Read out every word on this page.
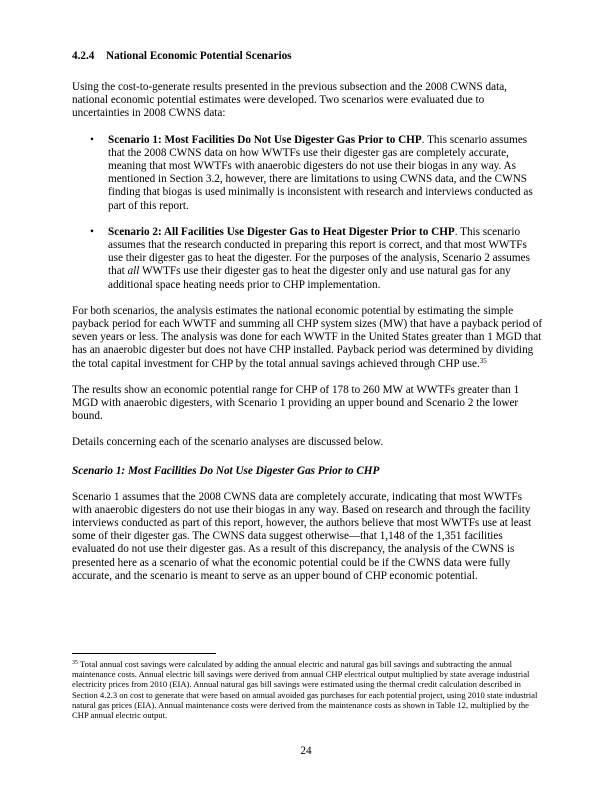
4.2.4 National Economic Potential Scenarios

Using the cost-to-generate results presented in the previous subsection and the 2008 CWNS data, national economic potential estimates were developed. Two scenarios were evaluated due to uncertainties in 2008 CWNS data:

• Scenario 1: Most Facilities Do Not Use Digester Gas Prior to CHP. This scenario assumes that the 2008 CWNS data on how WWTFs use their digester gas are completely accurate, meaning that most WWTFs with anaerobic digesters do not use their biogas in any way. As mentioned in Section 3.2, however, there are limitations to using CWNS data, and the CWNS finding that biogas is used minimally is inconsistent with research and interviews conducted as part of this report.
• Scenario 2: All Facilities Use Digester Gas to Heat Digester Prior to CHP. This scenario assumes that the research conducted in preparing this report is correct, and that most WWTFs use their digester gas to heat the digester. For the purposes of the analysis, Scenario 2 assumes that all WWTFs use their digester gas to heat the digester only and use natural gas for any additional space heating needs prior to CHP implementation.

For both scenarios, the analysis estimates the national economic potential by estimating the simple payback period for each WWTF and summing all CHP system sizes (MW) that have a payback period of seven years or less. The analysis was done for each WWTF in the United States greater than 1 MGD that has an anaerobic digester but does not have CHP installed. Payback period was determined by dividing the total capital investment for CHP by the total annual savings achieved through CHP use.$^{35}$

The results show an economic potential range for CHP of 178 to 260 MW at WWTFs greater than 1 MGD with anaerobic digesters, with Scenario 1 providing an upper bound and Scenario 2 the lower bound.

Details concerning each of the scenario analyses are discussed below.

Scenario 1: Most Facilities Do Not Use Digester Gas Prior to CHP

Scenario 1 assumes that the 2008 CWNS data are completely accurate, indicating that most WWTFs with anaerobic digesters do not use their biogas in any way. Based on research and through the facility interviews conducted as part of this report, however, the authors believe that most WWTFs use at least some of their digester gas. The CWNS data suggest otherwise—that 1,148 of the 1,351 facilities evaluated do not use their digester gas. As a result of this discrepancy, the analysis of the CWNS is presented here as a scenario of what the economic potential could be if the CWNS data were fully accurate, and the scenario is meant to serve as an upper bound of CHP economic potential.

$^{35}$ Total annual cost savings were calculated by adding the annual electric and natural gas bill savings and subtracting the annual maintenance costs. Annual electric bill savings were derived from annual CHP electrical output multiplied by state average industrial electricity prices from 2010 (EIA). Annual natural gas bill savings were estimated using the thermal credit calculation described in Section 4.2.3 on cost to generate that were based on annual avoided gas purchases for each potential project, using 2010 state industrial natural gas prices (EIA). Annual maintenance costs were derived from the maintenance costs as shown in Table 12, multiplied by the CHP annual electric output.
24
